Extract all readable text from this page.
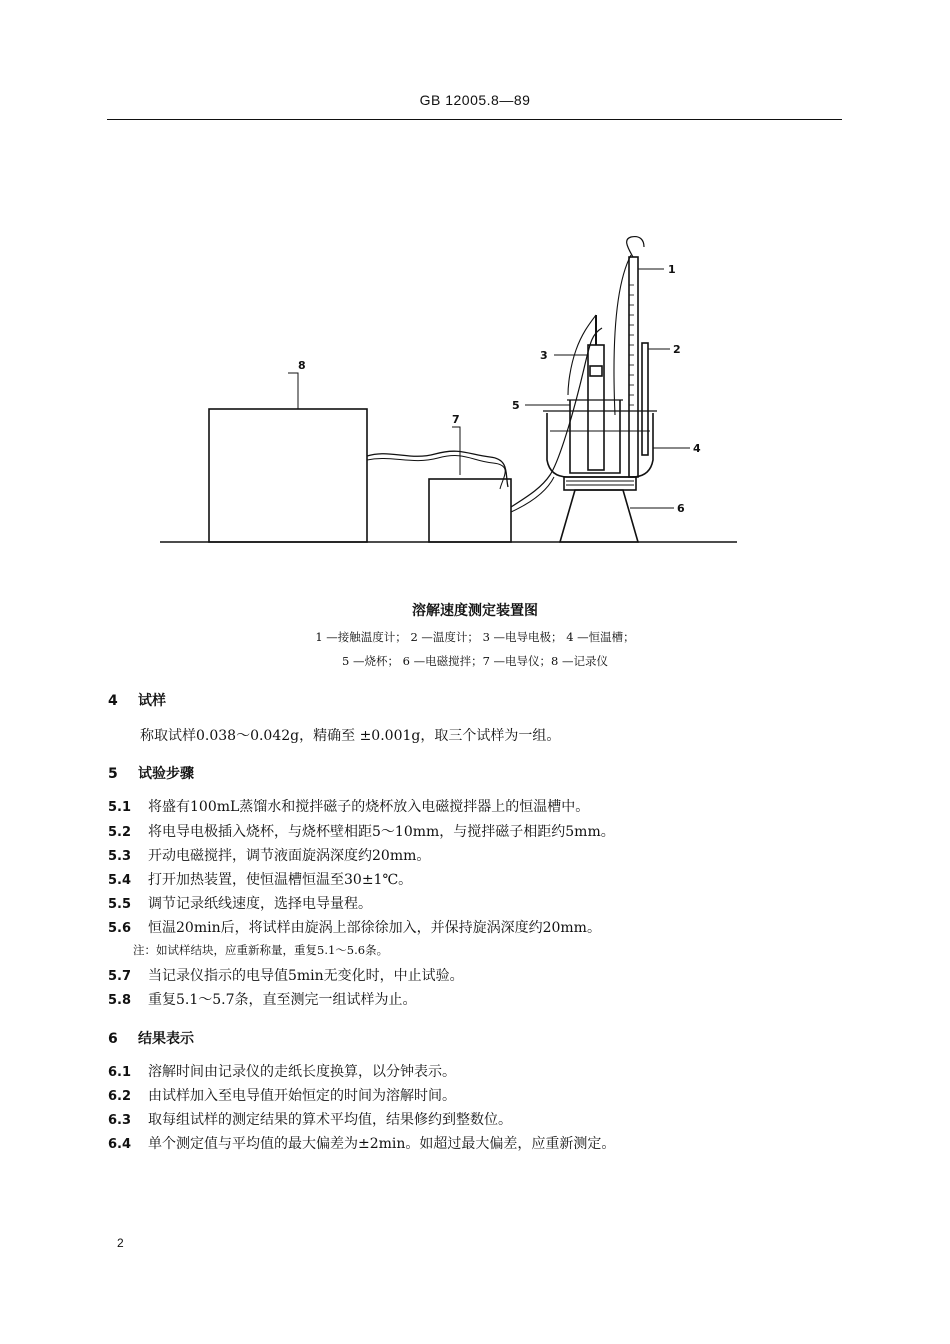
GB 12005.8—89
1
2
3
4
5
6
7
8
溶解速度测定装置图
1 —接触温度计； 2 —温度计； 3 —电导电极； 4 —恒温槽；
5 —烧杯； 6 —电磁搅拌；7 —电导仪；8 —记录仪
4 试样
称取试样0.038～0.042g，精确至 ±0.001g，取三个试样为一组。
5 试验步骤
5.1 将盛有100mL蒸馏水和搅拌磁子的烧杯放入电磁搅拌器上的恒温槽中。
5.2 将电导电极插入烧杯，与烧杯壁相距5～10mm，与搅拌磁子相距约5mm。
5.3 开动电磁搅拌，调节液面旋涡深度约20mm。
5.4 打开加热装置，使恒温槽恒温至30±1℃。
5.5 调节记录纸线速度，选择电导量程。
5.6 恒温20min后，将试样由旋涡上部徐徐加入，并保持旋涡深度约20mm。
注：如试样结块，应重新称量，重复5.1～5.6条。
5.7 当记录仪指示的电导值5min无变化时，中止试验。
5.8 重复5.1～5.7条，直至测完一组试样为止。
6 结果表示
6.1 溶解时间由记录仪的走纸长度换算，以分钟表示。
6.2 由试样加入至电导值开始恒定的时间为溶解时间。
6.3 取每组试样的测定结果的算术平均值，结果修约到整数位。
6.4 单个测定值与平均值的最大偏差为±2min。如超过最大偏差，应重新测定。
2
